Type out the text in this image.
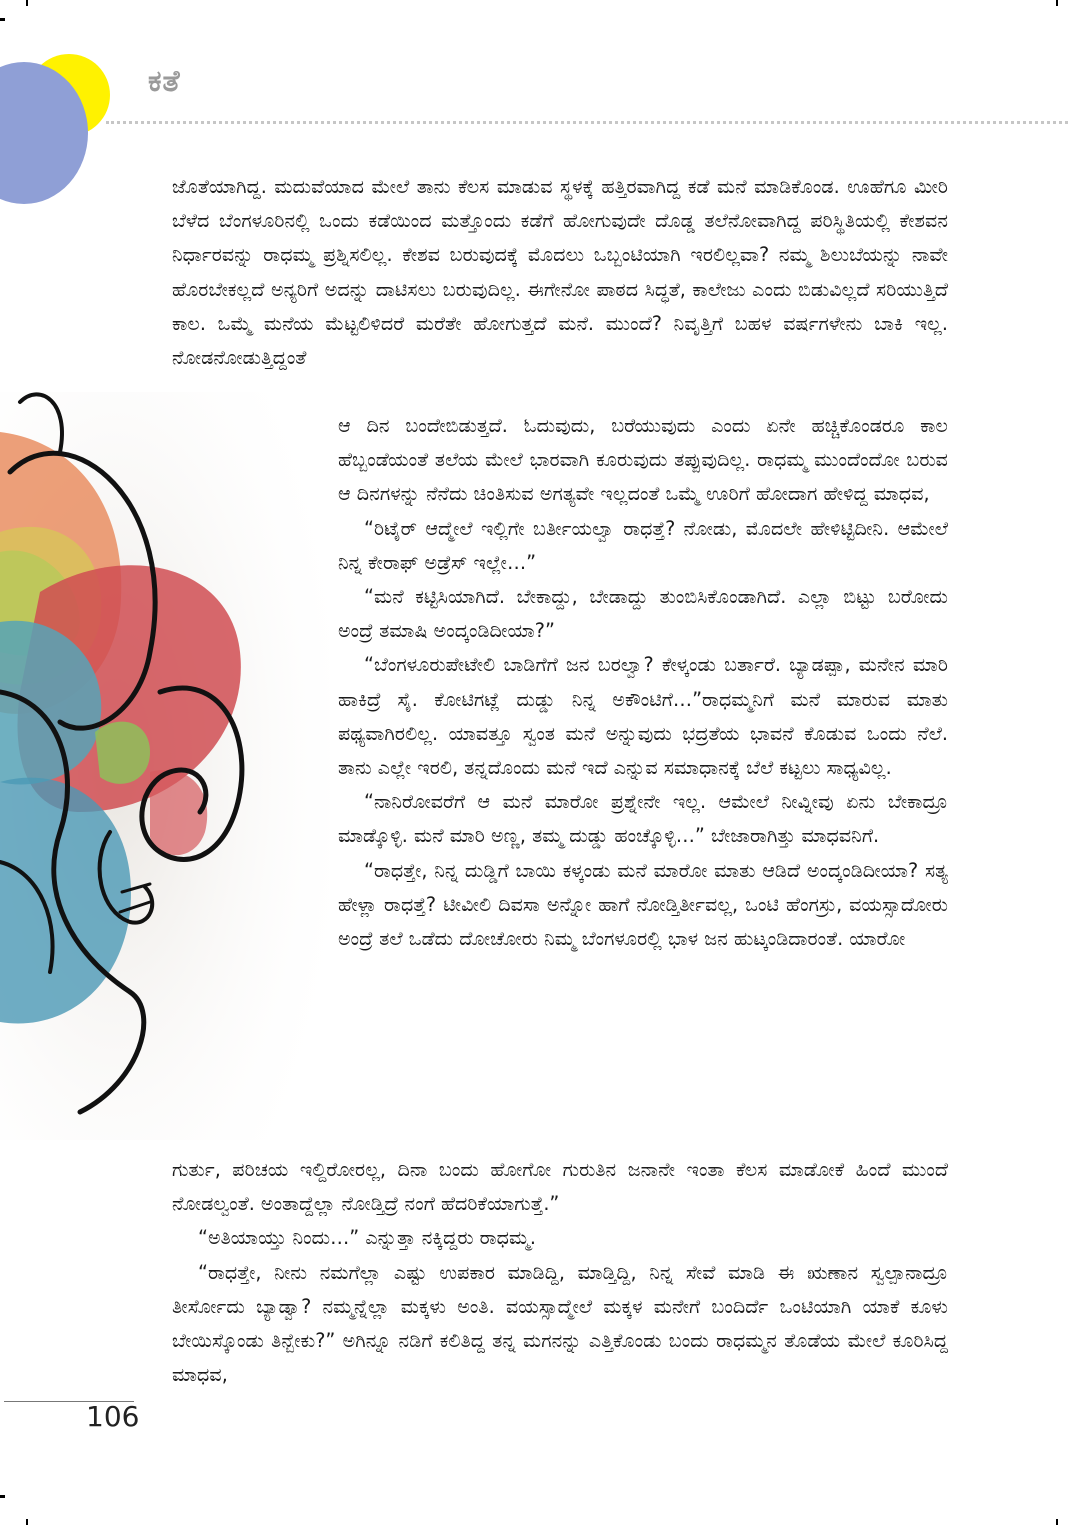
ಕತೆ

ಜೊತೆಯಾಗಿದ್ದ. ಮದುವೆಯಾದ ಮೇಲೆ ತಾನು ಕೆಲಸ ಮಾಡುವ ಸ್ಥಳಕ್ಕೆ ಹತ್ತಿರವಾಗಿದ್ದ ಕಡೆ ಮನೆ ಮಾಡಿಕೊಂಡ. ಊಹೆಗೂ ಮೀರಿ ಬೆಳೆದ ಬೆಂಗಳೂರಿನಲ್ಲಿ ಒಂದು ಕಡೆಯಿಂದ ಮತ್ತೊಂದು ಕಡೆಗೆ ಹೋಗುವುದೇ ದೊಡ್ಡ ತಲೆನೋವಾಗಿದ್ದ ಪರಿಸ್ಥಿತಿಯಲ್ಲಿ ಕೇಶವನ ನಿರ್ಧಾರವನ್ನು ರಾಧಮ್ಮ ಪ್ರಶ್ನಿಸಲಿಲ್ಲ. ಕೇಶವ ಬರುವುದಕ್ಕೆ ಮೊದಲು ಒಬ್ಬಂಟಿಯಾಗಿ ಇರಲಿಲ್ಲವಾ? ನಮ್ಮ ಶಿಲುಬೆಯನ್ನು ನಾವೇ ಹೊರಬೇಕಲ್ಲದೆ ಅನ್ಯರಿಗೆ ಅದನ್ನು ದಾಟಿಸಲು ಬರುವುದಿಲ್ಲ. ಈಗೇನೋ ಪಾಠದ ಸಿದ್ಧತೆ, ಕಾಲೇಜು ಎಂದು ಬಿಡುವಿಲ್ಲದೆ ಸರಿಯುತ್ತಿದೆ ಕಾಲ. ಒಮ್ಮೆ ಮನೆಯ ಮೆಟ್ಟಲಿಳಿದರೆ ಮರೆತೇ ಹೋಗುತ್ತದೆ ಮನೆ. ಮುಂದೆ? ನಿವೃತ್ತಿಗೆ ಬಹಳ ವರ್ಷಗಳೇನು ಬಾಕಿ ಇಲ್ಲ. ನೋಡನೋಡುತ್ತಿದ್ದಂತೆ

ಆ ದಿನ ಬಂದೇಬಿಡುತ್ತದೆ. ಓದುವುದು, ಬರೆಯುವುದು ಎಂದು ಏನೇ ಹಚ್ಚಿಕೊಂಡರೂ ಕಾಲ ಹೆಬ್ಬಂಡೆಯಂತೆ ತಲೆಯ ಮೇಲೆ ಭಾರವಾಗಿ ಕೂರುವುದು ತಪ್ಪುವುದಿಲ್ಲ. ರಾಧಮ್ಮ ಮುಂದೆಂದೋ ಬರುವ ಆ ದಿನಗಳನ್ನು ನೆನೆದು ಚಿಂತಿಸುವ ಅಗತ್ಯವೇ ಇಲ್ಲದಂತೆ ಒಮ್ಮೆ ಊರಿಗೆ ಹೋದಾಗ ಹೇಳಿದ್ದ ಮಾಧವ,

“ರಿಟೈರ್ ಆದ್ಮೇಲೆ ಇಲ್ಲಿಗೇ ಬರ್ತೀಯಲ್ವಾ ರಾಧತ್ತೆ? ನೋಡು, ಮೊದಲೇ ಹೇಳಿಟ್ಟಿದೀನಿ. ಆಮೇಲೆ ನಿನ್ನ ಕೇರಾಫ್ ಅಡ್ರೆಸ್ ಇಲ್ಲೇ…”

“ಮನೆ ಕಟ್ಟಿಸಿಯಾಗಿದೆ. ಬೇಕಾದ್ದು, ಬೇಡಾದ್ದು ತುಂಬಿಸಿಕೊಂಡಾಗಿದೆ. ಎಲ್ಲಾ ಬಿಟ್ಟು ಬರೋದು ಅಂದ್ರೆ ತಮಾಷಿ ಅಂದ್ಕಂಡಿದೀಯಾ?”

“ಬೆಂಗಳೂರುಪೇಟೇಲಿ ಬಾಡಿಗೆಗೆ ಜನ ಬರಲ್ವಾ? ಕೇಳ್ಕಂಡು ಬರ್ತಾರೆ. ಬ್ಯಾಡಪ್ಪಾ, ಮನೇನ ಮಾರಿ ಹಾಕಿದ್ರೆ ಸೈ. ಕೋಟಿಗಟ್ಲೆ ದುಡ್ಡು ನಿನ್ನ ಅಕೌಂಟಿಗೆ…”ರಾಧಮ್ಮನಿಗೆ ಮನೆ ಮಾರುವ ಮಾತು ಪಥ್ಯವಾಗಿರಲಿಲ್ಲ. ಯಾವತ್ತೂ ಸ್ವಂತ ಮನೆ ಅನ್ನುವುದು ಭದ್ರತೆಯ ಭಾವನೆ ಕೊಡುವ ಒಂದು ನೆಲೆ. ತಾನು ಎಲ್ಲೇ ಇರಲಿ, ತನ್ನದೊಂದು ಮನೆ ಇದೆ ಎನ್ನುವ ಸಮಾಧಾನಕ್ಕೆ ಬೆಲೆ ಕಟ್ಟಲು ಸಾಧ್ಯವಿಲ್ಲ.

“ನಾನಿರೋವರೆಗೆ ಆ ಮನೆ ಮಾರೋ ಪ್ರಶ್ನೇನೇ ಇಲ್ಲ. ಆಮೇಲೆ ನೀವ್ನೀವು ಏನು ಬೇಕಾದ್ರೂ ಮಾಡ್ಕೊಳ್ಳಿ. ಮನೆ ಮಾರಿ ಅಣ್ಣ, ತಮ್ಮ ದುಡ್ಡು ಹಂಚ್ಕೊಳ್ಳಿ…” ಬೇಜಾರಾಗಿತ್ತು ಮಾಧವನಿಗೆ.

“ರಾಧತ್ತೇ, ನಿನ್ನ ದುಡ್ಡಿಗೆ ಬಾಯಿ ಕಳ್ಕಂಡು ಮನೆ ಮಾರೋ ಮಾತು ಆಡಿದೆ ಅಂದ್ಕಂಡಿದೀಯಾ? ಸತ್ಯ ಹೇಳ್ಲಾ ರಾಧತ್ತೆ? ಟೀವೀಲಿ ದಿವಸಾ ಅನ್ನೋ ಹಾಗೆ ನೋಡ್ತಿರ್ತೀವಲ್ಲ, ಒಂಟಿ ಹೆಂಗಸ್ರು, ವಯಸ್ಸಾದೋರು ಅಂದ್ರೆ ತಲೆ ಒಡೆದು ದೋಚೋರು ನಿಮ್ಮ ಬೆಂಗಳೂರಲ್ಲಿ ಭಾಳ ಜನ ಹುಟ್ಕಂಡಿದಾರಂತೆ. ಯಾರೋ

ಗುರ್ತು, ಪರಿಚಯ ಇಲ್ದಿರೋರಲ್ಲ, ದಿನಾ ಬಂದು ಹೋಗೋ ಗುರುತಿನ ಜನಾನೇ ಇಂತಾ ಕೆಲಸ ಮಾಡೋಕೆ ಹಿಂದೆ ಮುಂದೆ ನೋಡಲ್ವಂತೆ. ಅಂತಾದ್ದೆಲ್ಲಾ ನೋಡ್ತಿದ್ರೆ ನಂಗೆ ಹೆದರಿಕೆಯಾಗುತ್ತೆ.”

“ಅತಿಯಾಯ್ತು ನಿಂದು…” ಎನ್ನುತ್ತಾ ನಕ್ಕಿದ್ದರು ರಾಧಮ್ಮ.

“ರಾಧತ್ತೇ, ನೀನು ನಮಗೆಲ್ಲಾ ಎಷ್ಟು ಉಪಕಾರ ಮಾಡಿದ್ದಿ, ಮಾಡ್ತಿದ್ದಿ, ನಿನ್ನ ಸೇವೆ ಮಾಡಿ ಈ ಋಣಾನ ಸ್ವಲ್ಪಾನಾದ್ರೂ ತೀರ್ಸೋದು ಬ್ಯಾಡ್ವಾ? ನಮ್ಮನ್ನೆಲ್ಲಾ ಮಕ್ಕಳು ಅಂತಿ. ವಯಸ್ಸಾದ್ಮೇಲೆ ಮಕ್ಕಳ ಮನೇಗೆ ಬಂದಿರ್ದೆ ಒಂಟಿಯಾಗಿ ಯಾಕೆ ಕೂಳು ಬೇಯಿಸ್ಕೊಂಡು ತಿನ್ಬೇಕು?” ಅಗಿನ್ನೂ ನಡಿಗೆ ಕಲಿತಿದ್ದ ತನ್ನ ಮಗನನ್ನು ಎತ್ತಿಕೊಂಡು ಬಂದು ರಾಧಮ್ಮನ ತೊಡೆಯ ಮೇಲೆ ಕೂರಿಸಿದ್ದ ಮಾಧವ,

106
